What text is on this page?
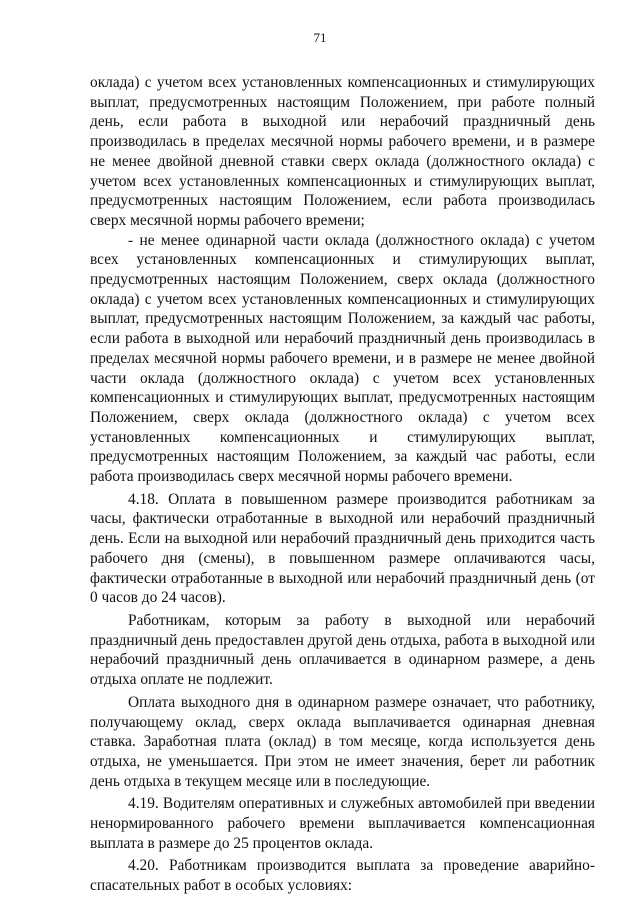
71

оклада) с учетом всех установленных компенсационных и стимулирующих выплат, предусмотренных настоящим Положением, при работе полный день, если работа в выходной или нерабочий праздничный день производилась в пределах месячной нормы рабочего времени, и в размере не менее двойной дневной ставки сверх оклада (должностного оклада) с учетом всех установленных компенсационных и стимулирующих выплат, предусмотренных настоящим Положением, если работа производилась сверх месячной нормы рабочего времени;

- не менее одинарной части оклада (должностного оклада) с учетом всех установленных компенсационных и стимулирующих выплат, предусмотренных настоящим Положением, сверх оклада (должностного оклада) с учетом всех установленных компенсационных и стимулирующих выплат, предусмотренных настоящим Положением, за каждый час работы, если работа в выходной или нерабочий праздничный день производилась в пределах месячной нормы рабочего времени, и в размере не менее двойной части оклада (должностного оклада) с учетом всех установленных компенсационных и стимулирующих выплат, предусмотренных настоящим Положением, сверх оклада (должностного оклада) с учетом всех установленных компенсационных и стимулирующих выплат, предусмотренных настоящим Положением, за каждый час работы, если работа производилась сверх месячной нормы рабочего времени.

4.18. Оплата в повышенном размере производится работникам за часы, фактически отработанные в выходной или нерабочий праздничный день. Если на выходной или нерабочий праздничный день приходится часть рабочего дня (смены), в повышенном размере оплачиваются часы, фактически отработанные в выходной или нерабочий праздничный день (от 0 часов до 24 часов).

Работникам, которым за работу в выходной или нерабочий праздничный день предоставлен другой день отдыха, работа в выходной или нерабочий праздничный день оплачивается в одинарном размере, а день отдыха оплате не подлежит.

Оплата выходного дня в одинарном размере означает, что работнику, получающему оклад, сверх оклада выплачивается одинарная дневная ставка. Заработная плата (оклад) в том месяце, когда используется день отдыха, не уменьшается. При этом не имеет значения, берет ли работник день отдыха в текущем месяце или в последующие.

4.19. Водителям оперативных и служебных автомобилей при введении ненормированного рабочего времени выплачивается компенсационная выплата в размере до 25 процентов оклада.

4.20. Работникам производится выплата за проведение аварийно-спасательных работ в особых условиях:
